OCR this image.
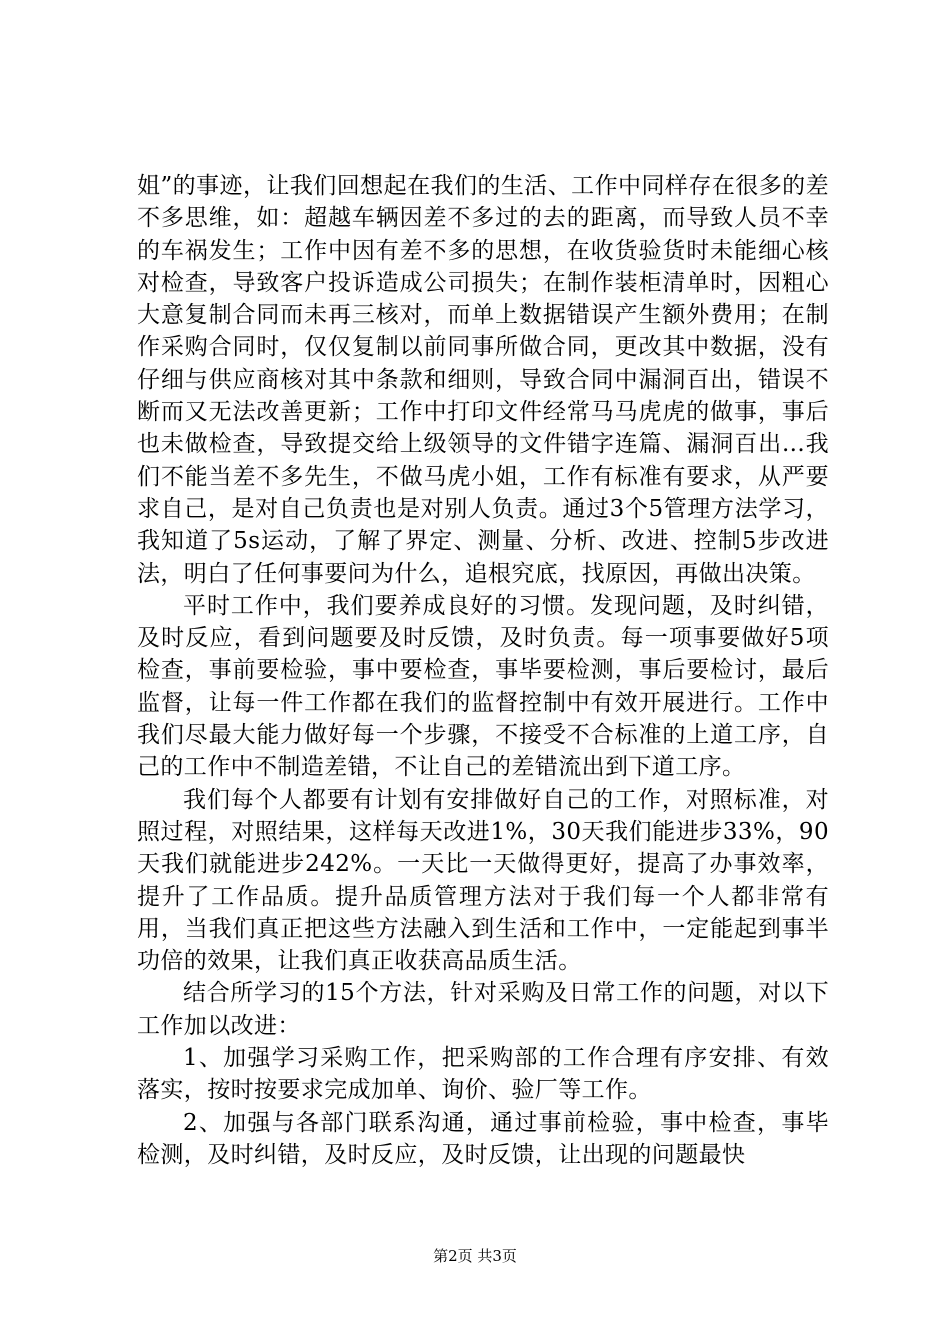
姐”的事迹，让我们回想起在我们的生活、工作中同样存在很多的差不多思维，如：超越车辆因差不多过的去的距离，而导致人员不幸的车祸发生；工作中因有差不多的思想，在收货验货时未能细心核对检查，导致客户投诉造成公司损失；在制作装柜清单时，因粗心大意复制合同而未再三核对，而单上数据错误产生额外费用；在制作采购合同时，仅仅复制以前同事所做合同，更改其中数据，没有仔细与供应商核对其中条款和细则，导致合同中漏洞百出，错误不断而又无法改善更新；工作中打印文件经常马马虎虎的做事，事后也未做检查，导致提交给上级领导的文件错字连篇、漏洞百出...我们不能当差不多先生，不做马虎小姐，工作有标准有要求，从严要求自己，是对自己负责也是对别人负责。通过3个5管理方法学习，我知道了5s运动，了解了界定、测量、分析、改进、控制5步改进法，明白了任何事要问为什么，追根究底，找原因，再做出决策。

平时工作中，我们要养成良好的习惯。发现问题，及时纠错，及时反应，看到问题要及时反馈，及时负责。每一项事要做好5项检查，事前要检验，事中要检查，事毕要检测，事后要检讨，最后监督，让每一件工作都在我们的监督控制中有效开展进行。工作中我们尽最大能力做好每一个步骤，不接受不合标准的上道工序，自己的工作中不制造差错，不让自己的差错流出到下道工序。

我们每个人都要有计划有安排做好自己的工作，对照标准，对照过程，对照结果，这样每天改进1%，30天我们能进步33%，90天我们就能进步242%。一天比一天做得更好，提高了办事效率，提升了工作品质。提升品质管理方法对于我们每一个人都非常有用，当我们真正把这些方法融入到生活和工作中，一定能起到事半功倍的效果，让我们真正收获高品质生活。

结合所学习的15个方法，针对采购及日常工作的问题，对以下工作加以改进：

1、加强学习采购工作，把采购部的工作合理有序安排、有效落实，按时按要求完成加单、询价、验厂等工作。

2、加强与各部门联系沟通，通过事前检验，事中检查，事毕检测，及时纠错，及时反应，及时反馈，让出现的问题最快

第2页 共3页
